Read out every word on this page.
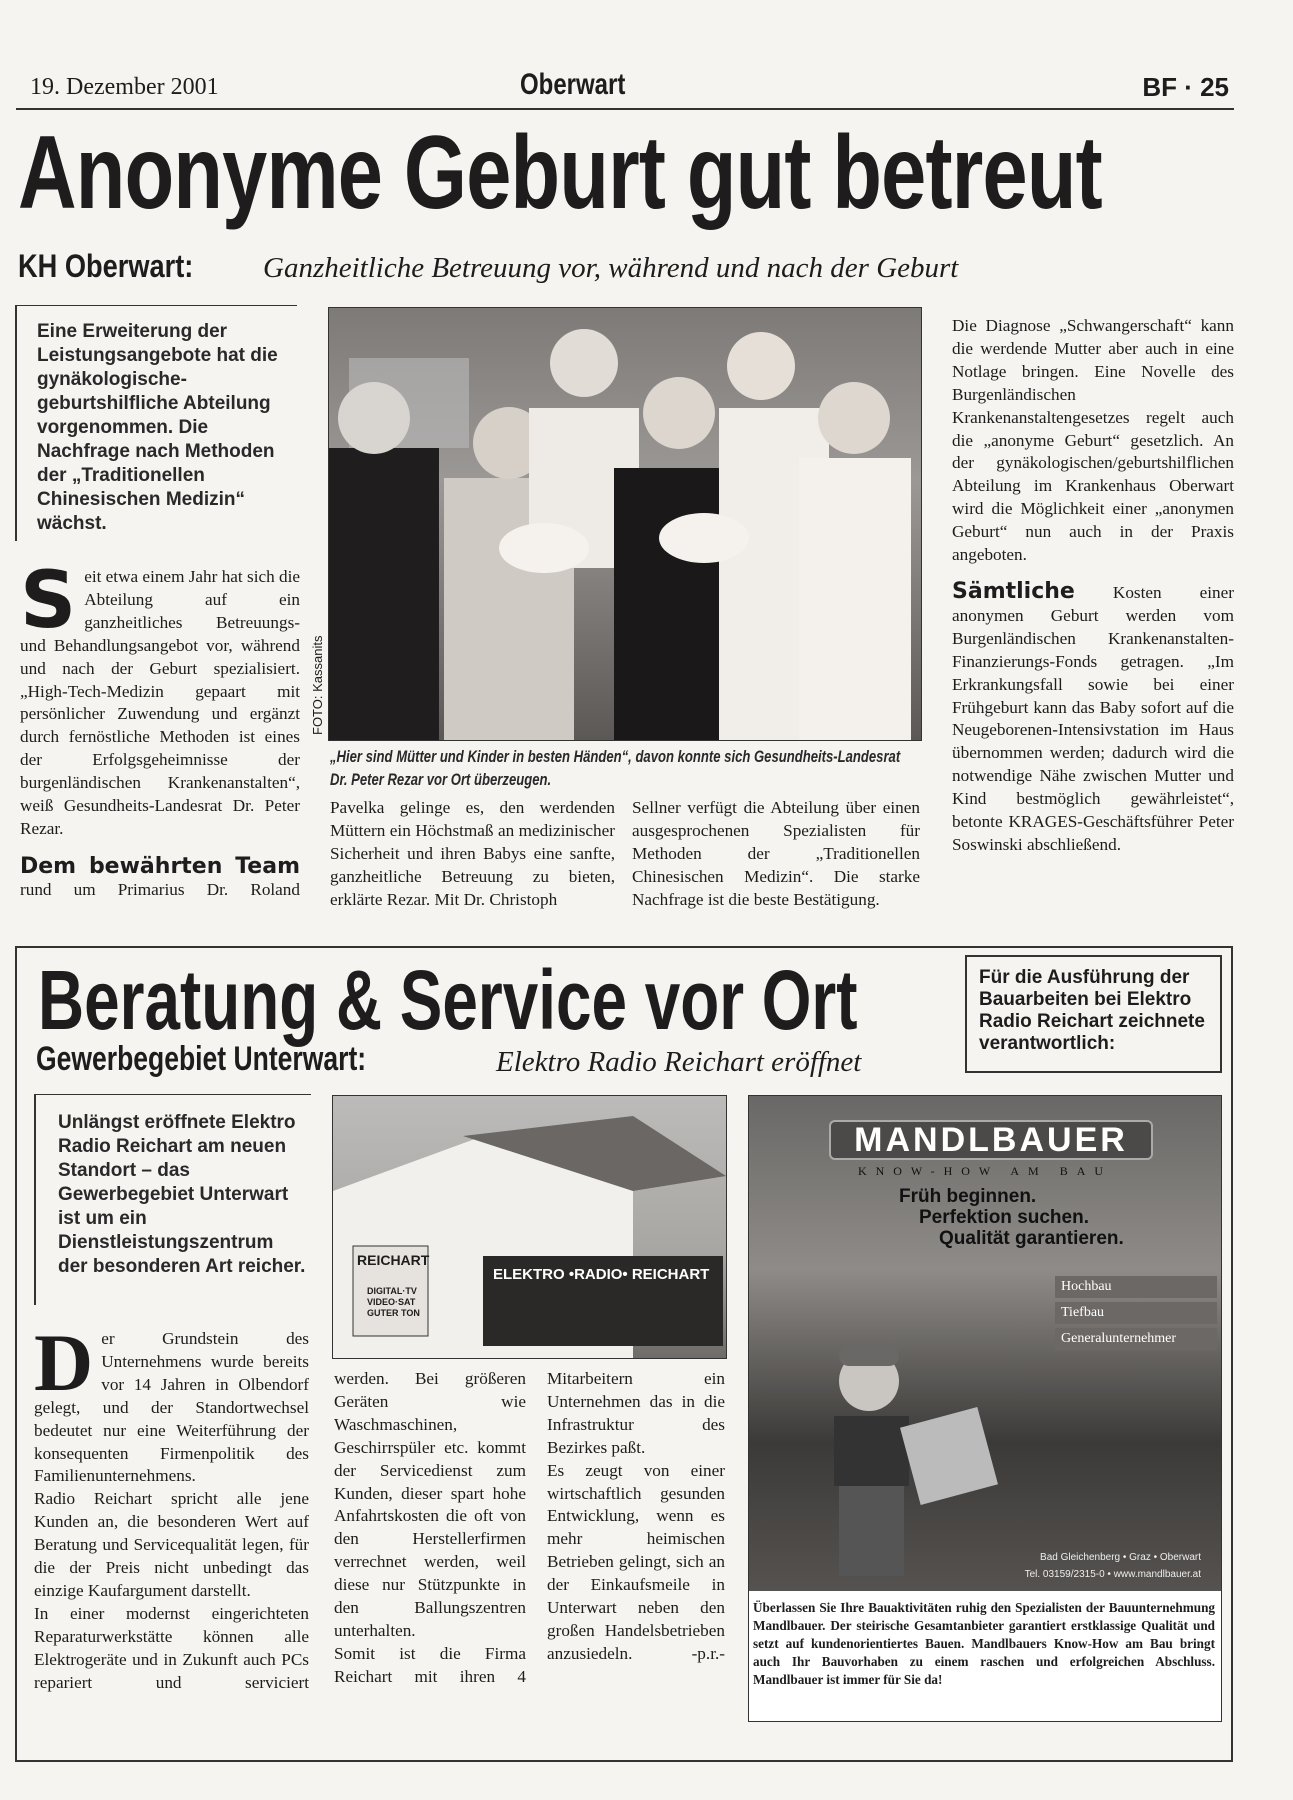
19. Dezember 2001	Oberwart	BF · 25
Anonyme Geburt gut betreut
KH Oberwart: Ganzheitliche Betreuung vor, während und nach der Geburt
Eine Erweiterung der Leistungsangebote hat die gynäkologische-geburtshilfliche Abteilung vorgenommen. Die Nachfrage nach Methoden der „Traditionellen Chinesischen Medizin“ wächst.
Seit etwa einem Jahr hat sich die Abteilung auf ein ganzheitliches Betreuungs- und Behandlungsangebot vor, während und nach der Geburt spezialisiert. „High-Tech-Medizin gepaart mit persönlicher Zuwendung und ergänzt durch fernöstliche Methoden ist eines der Erfolgsgeheimnisse der burgenländischen Krankenanstalten“, weiß Gesundheits-Landesrat Dr. Peter Rezar.
Dem bewährten Team
rund um Primarius Dr. Roland
FOTO: Kassanits
„Hier sind Mütter und Kinder in besten Händen“, davon konnte sich Gesundheits-Landesrat Dr. Peter Rezar vor Ort überzeugen.
Pavelka gelinge es, den werdenden Müttern ein Höchstmaß an medizinischer Sicherheit und ihren Babys eine sanfte, ganzheitliche Betreuung zu bieten, erklärte Rezar. Mit Dr. Christoph
Sellner verfügt die Abteilung über einen ausgesprochenen Spezialisten für Methoden der „Traditionellen Chinesischen Medizin“. Die starke Nachfrage ist die beste Bestätigung.
Die Diagnose „Schwangerschaft“ kann die werdende Mutter aber auch in eine Notlage bringen. Eine Novelle des Burgenländischen Krankenanstaltengesetzes regelt auch die „anonyme Geburt“ gesetzlich. An der gynäkologischen/geburtshilflichen Abteilung im Krankenhaus Oberwart wird die Möglichkeit einer „anonymen Geburt“ nun auch in der Praxis angeboten.
Sämtliche Kosten einer anonymen Geburt werden vom Burgenländischen Krankenanstalten-Finanzierungs-Fonds getragen. „Im Erkrankungsfall sowie bei einer Frühgeburt kann das Baby sofort auf die Neugeborenen-Intensivstation im Haus übernommen werden; dadurch wird die notwendige Nähe zwischen Mutter und Kind bestmöglich gewährleistet“, betonte KRAGES-Geschäftsführer Peter Soswinski abschließend.
Beratung & Service vor Ort
Gewerbegebiet Unterwart:	Elektro Radio Reichart eröffnet
Für die Ausführung der Bauarbeiten bei Elektro Radio Reichart zeichnete verantwortlich:
Unlängst eröffnete Elektro Radio Reichart am neuen Standort – das Gewerbegebiet Unterwart ist um ein Dienstleistungszentrum der besonderen Art reicher.	REICHART
ELEKTRO •RADIO• REICHART
DIGITAL·TV VIDEO·SAT GUTER TON
Der Grundstein des Unternehmens wurde bereits vor 14 Jahren in Olbendorf gelegt, und der Standortwechsel bedeutet nur eine Weiterführung der konsequenten Firmenpolitik des Familienunternehmens.
Radio Reichart spricht alle jene Kunden an, die besonderen Wert auf Beratung und Servicequalität legen, für die der Preis nicht unbedingt das einzige Kaufargument darstellt.
In einer modernst eingerichteten Reparaturwerkstätte können alle Elektrogeräte und in Zukunft auch PCs repariert und serviciert
werden. Bei größeren Geräten wie Waschmaschinen, Geschirrspüler etc. kommt der Servicedienst zum Kunden, dieser spart hohe Anfahrtskosten die oft von den Herstellerfirmen verrechnet werden, weil diese nur Stützpunkte in den Ballungszentren unterhalten.
Somit ist die Firma Reichart mit ihren 4
Mitarbeitern ein Unternehmen das in die Infrastruktur des Bezirkes paßt.
Es zeugt von einer wirtschaftlich gesunden Entwicklung, wenn es mehr heimischen Betrieben gelingt, sich an der Einkaufsmeile in Unterwart neben den großen Handelsbetrieben anzusiedeln.	-p.r.-
MANDLBAUER
KNOW-HOW AM BAU
Früh beginnen.
Perfektion suchen.
Qualität garantieren.
Hochbau
Tiefbau
Generalunternehmer
Bad Gleichenberg • Graz • Oberwart
Tel. 03159/2315-0 • www.mandlbauer.at
Überlassen Sie Ihre Bauaktivitäten ruhig den Spezialisten der Bauunternehmung Mandlbauer. Der steirische Gesamtanbieter garantiert erstklassige Qualität und setzt auf kundenorientiertes Bauen. Mandlbauers Know-How am Bau bringt auch Ihr Bauvorhaben zu einem raschen und erfolgreichen Abschluss. Mandlbauer ist immer für Sie da!
